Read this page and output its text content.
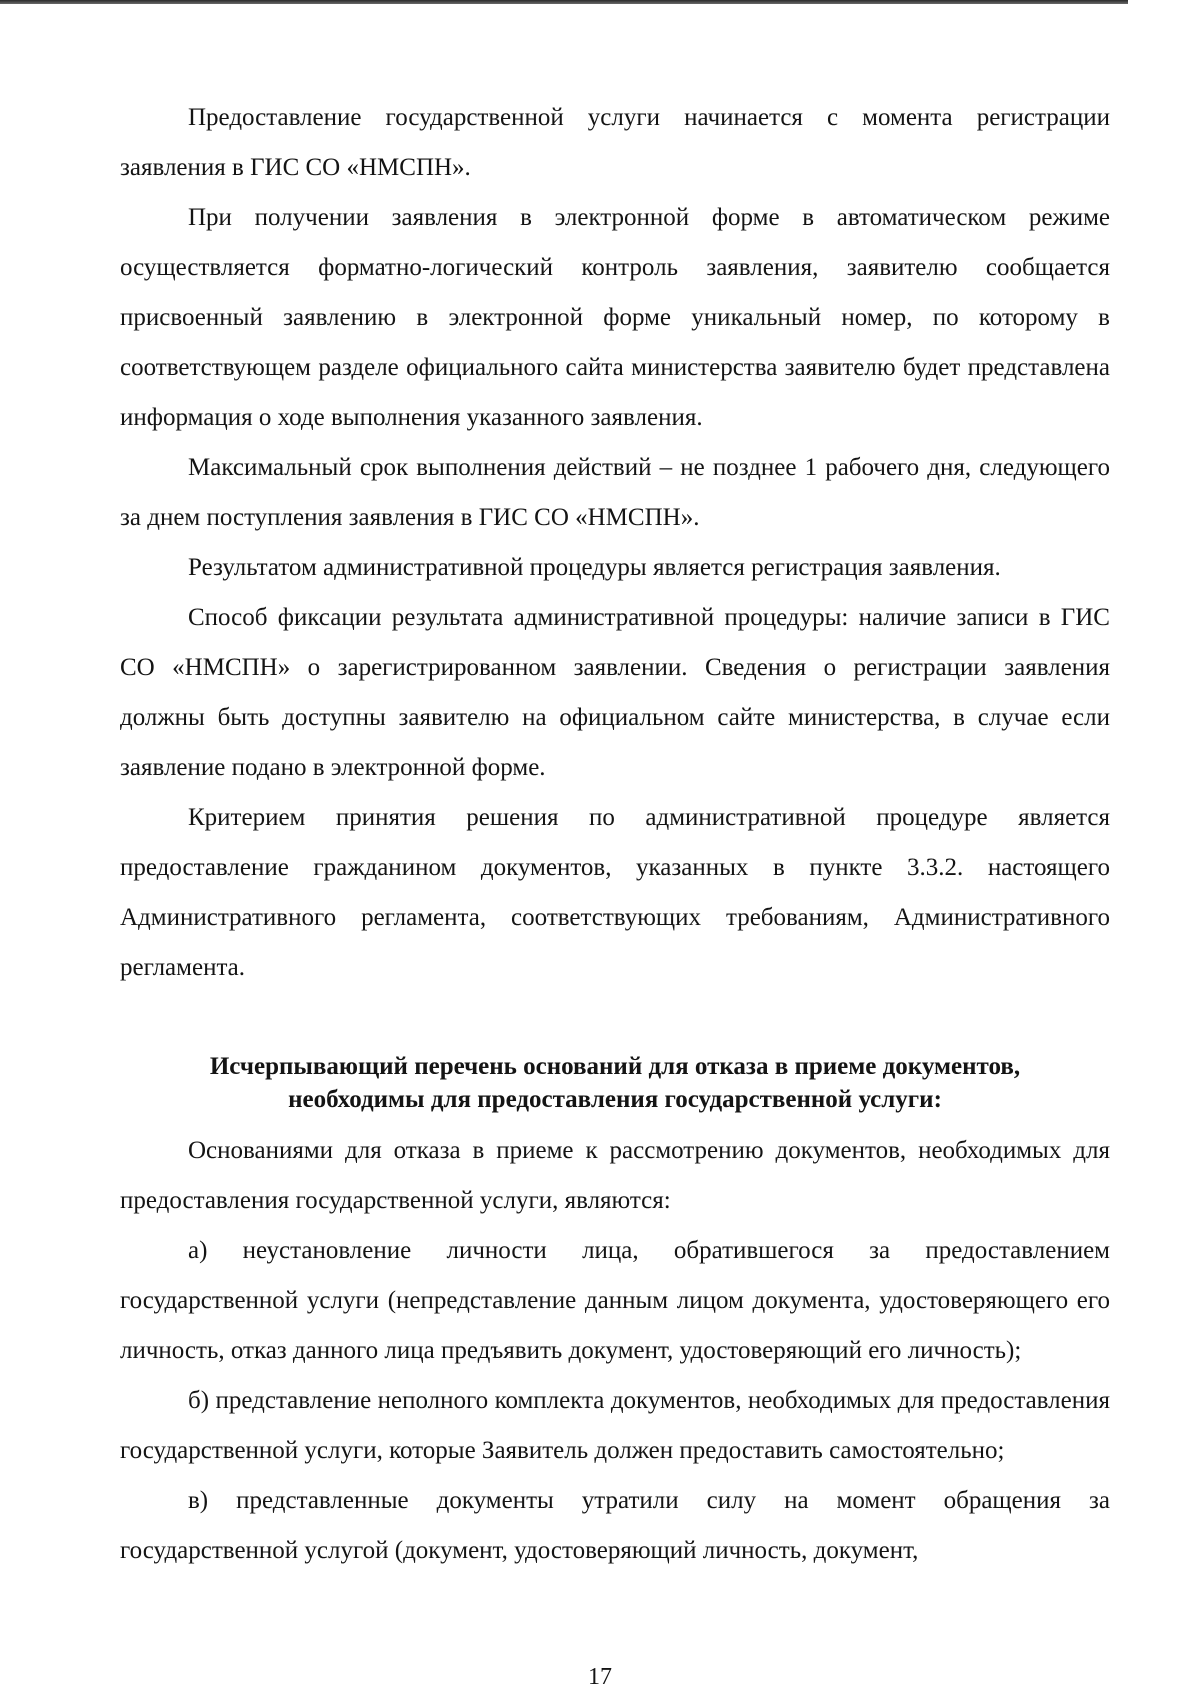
Предоставление государственной услуги начинается с момента регистрации заявления в ГИС СО «НМСПН».

При получении заявления в электронной форме в автоматическом режиме осуществляется форматно-логический контроль заявления, заявителю сообщается присвоенный заявлению в электронной форме уникальный номер, по которому в соответствующем разделе официального сайта министерства заявителю будет представлена информация о ходе выполнения указанного заявления.

Максимальный срок выполнения действий – не позднее 1 рабочего дня, следующего за днем поступления заявления в ГИС СО «НМСПН».

Результатом административной процедуры является регистрация заявления.

Способ фиксации результата административной процедуры: наличие записи в ГИС СО «НМСПН» о зарегистрированном заявлении. Сведения о регистрации заявления должны быть доступны заявителю на официальном сайте министерства, в случае если заявление подано в электронной форме.

Критерием принятия решения по административной процедуре является предоставление гражданином документов, указанных в пункте 3.3.2. настоящего Административного регламента, соответствующих требованиям, Административного регламента.

Исчерпывающий перечень оснований для отказа в приеме документов,
необходимы для предоставления государственной услуги:

Основаниями для отказа в приеме к рассмотрению документов, необходимых для предоставления государственной услуги, являются:

а) неустановление личности лица, обратившегося за предоставлением государственной услуги (непредставление данным лицом документа, удостоверяющего его личность, отказ данного лица предъявить документ, удостоверяющий его личность);

б) представление неполного комплекта документов, необходимых для предоставления государственной услуги, которые Заявитель должен предоставить самостоятельно;

в) представленные документы утратили силу на момент обращения за государственной услугой (документ, удостоверяющий личность, документ,

17
